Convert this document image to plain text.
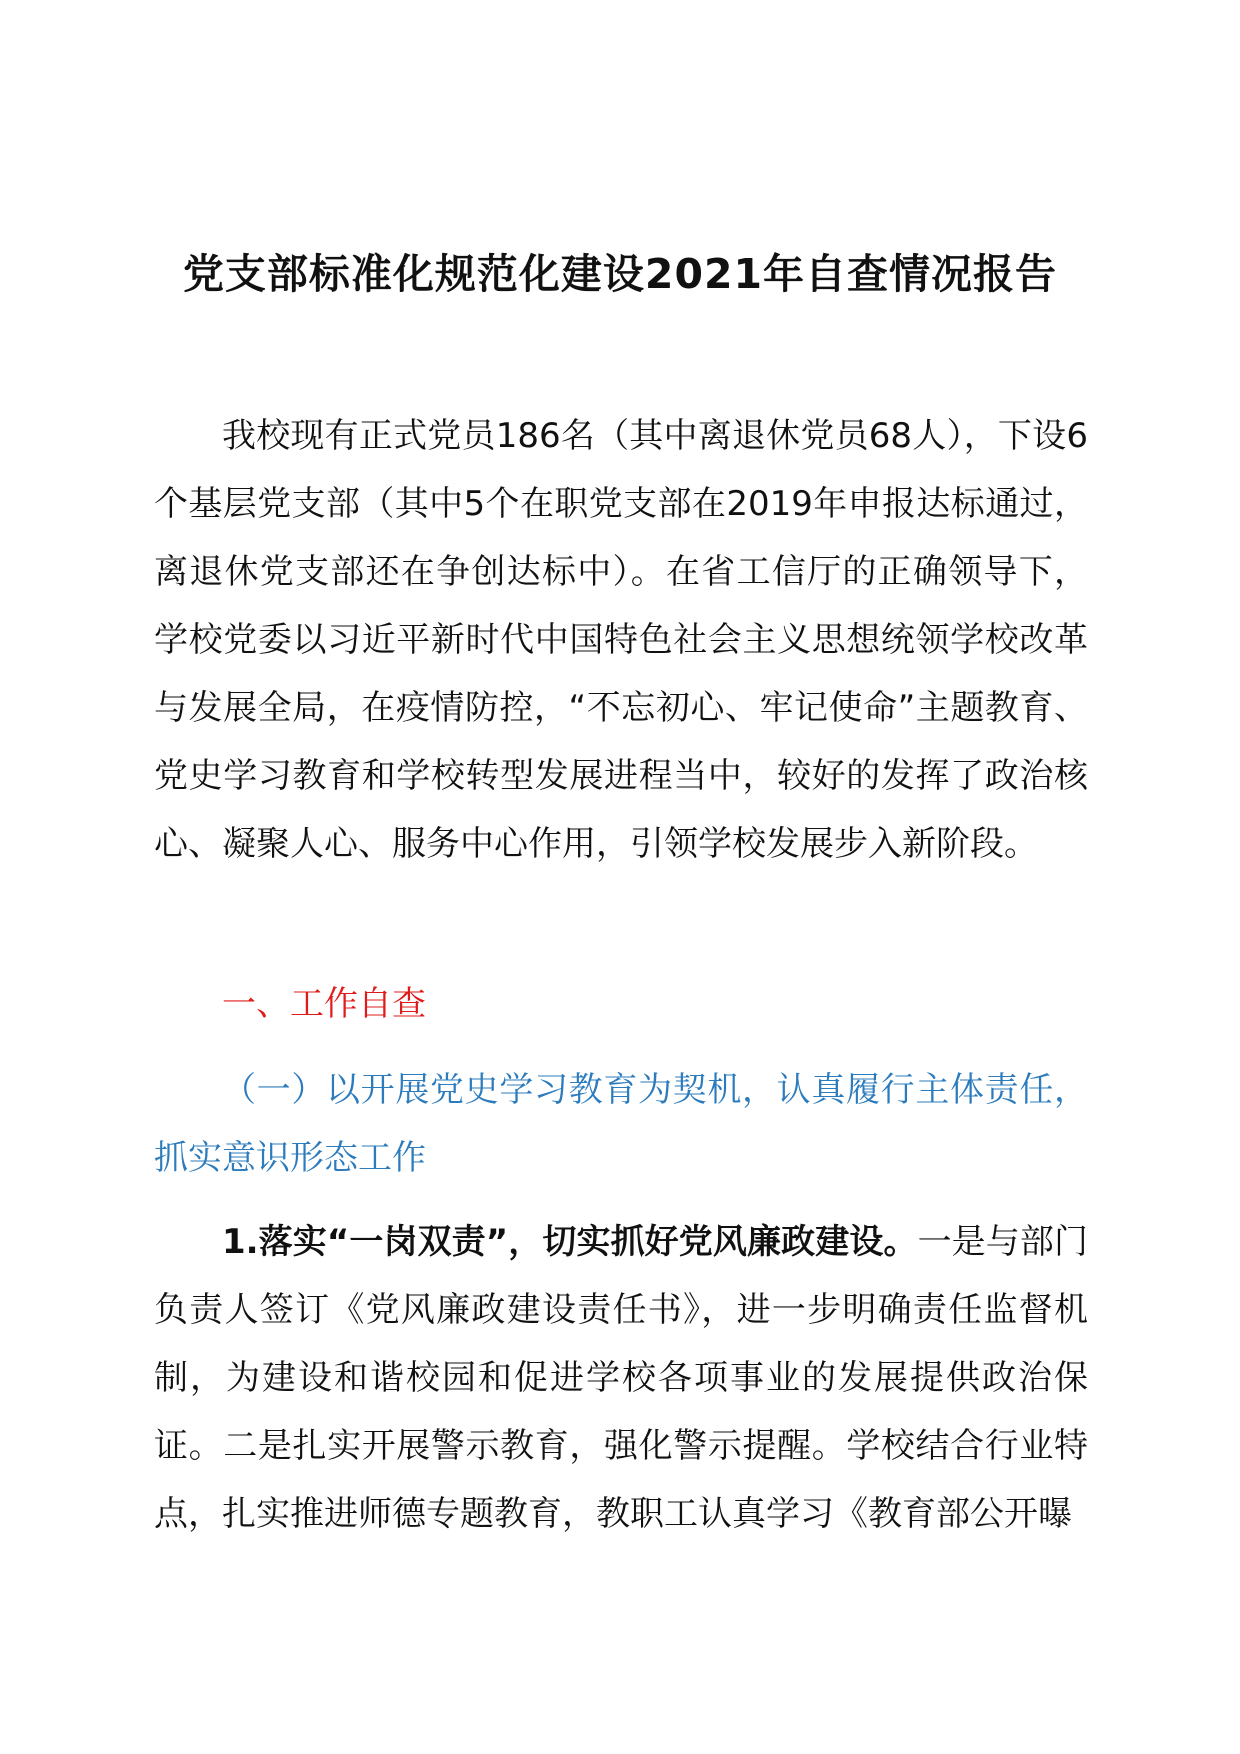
党支部标准化规范化建设2021年自查情况报告

我校现有正式党员186名（其中离退休党员68人），下设6个基层党支部（其中5个在职党支部在2019年申报达标通过，离退休党支部还在争创达标中）。在省工信厅的正确领导下，学校党委以习近平新时代中国特色社会主义思想统领学校改革与发展全局，在疫情防控，“不忘初心、牢记使命”主题教育、党史学习教育和学校转型发展进程当中，较好的发挥了政治核心、凝聚人心、服务中心作用，引领学校发展步入新阶段。

一、工作自查

（一）以开展党史学习教育为契机，认真履行主体责任，抓实意识形态工作

1.落实“一岗双责”，切实抓好党风廉政建设。一是与部门负责人签订《党风廉政建设责任书》，进一步明确责任监督机制，为建设和谐校园和促进学校各项事业的发展提供政治保证。二是扎实开展警示教育，强化警示提醒。学校结合行业特点，扎实推进师德专题教育，教职工认真学习《教育部公开曝
